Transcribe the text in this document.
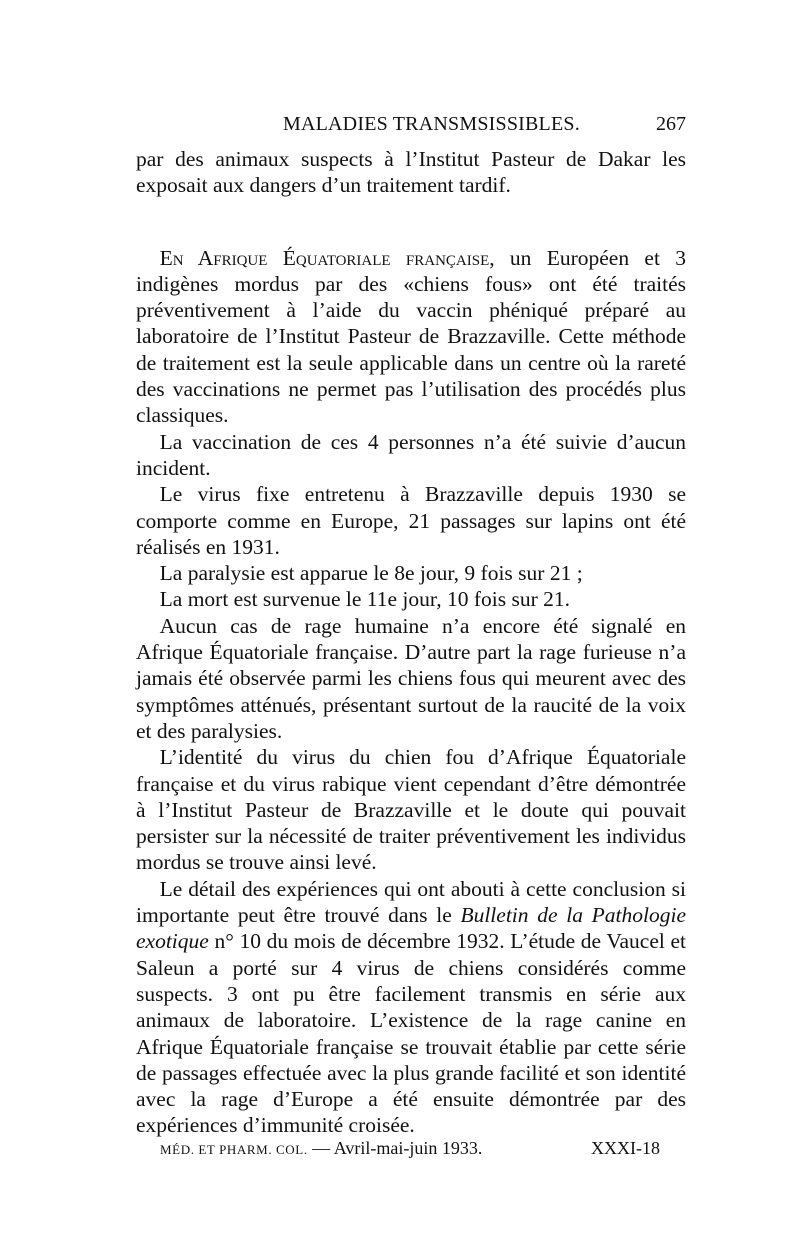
MALADIES TRANSMSISSIBLES.	267

par des animaux suspects à l’Institut Pasteur de Dakar les exposait aux dangers d’un traitement tardif.

En Afrique Équatoriale française, un Européen et 3 indigènes mordus par des «chiens fous» ont été traités préventivement à l’aide du vaccin phéniqué préparé au laboratoire de l’Institut Pasteur de Brazzaville. Cette méthode de traitement est la seule applicable dans un centre où la rareté des vaccinations ne permet pas l’utilisation des procédés plus classiques.

La vaccination de ces 4 personnes n’a été suivie d’aucun incident.

Le virus fixe entretenu à Brazzaville depuis 1930 se comporte comme en Europe, 21 passages sur lapins ont été réalisés en 1931.

La paralysie est apparue le 8e jour, 9 fois sur 21 ;

La mort est survenue le 11e jour, 10 fois sur 21.

Aucun cas de rage humaine n’a encore été signalé en Afrique Équatoriale française. D’autre part la rage furieuse n’a jamais été observée parmi les chiens fous qui meurent avec des symptômes atténués, présentant surtout de la raucité de la voix et des paralysies.

L’identité du virus du chien fou d’Afrique Équatoriale française et du virus rabique vient cependant d’être démontrée à l’Institut Pasteur de Brazzaville et le doute qui pouvait persister sur la nécessité de traiter préventivement les individus mordus se trouve ainsi levé.

Le détail des expériences qui ont abouti à cette conclusion si importante peut être trouvé dans le Bulletin de la Pathologie exotique n° 10 du mois de décembre 1932. L’étude de Vaucel et Saleun a porté sur 4 virus de chiens considérés comme suspects. 3 ont pu être facilement transmis en série aux animaux de laboratoire. L’existence de la rage canine en Afrique Équatoriale française se trouvait établie par cette série de passages effectuée avec la plus grande facilité et son identité avec la rage d’Europe a été ensuite démontrée par des expériences d’immunité croisée.

MÉD. ET PHARM. COL. — Avril-mai-juin 1933.	XXXI-18
